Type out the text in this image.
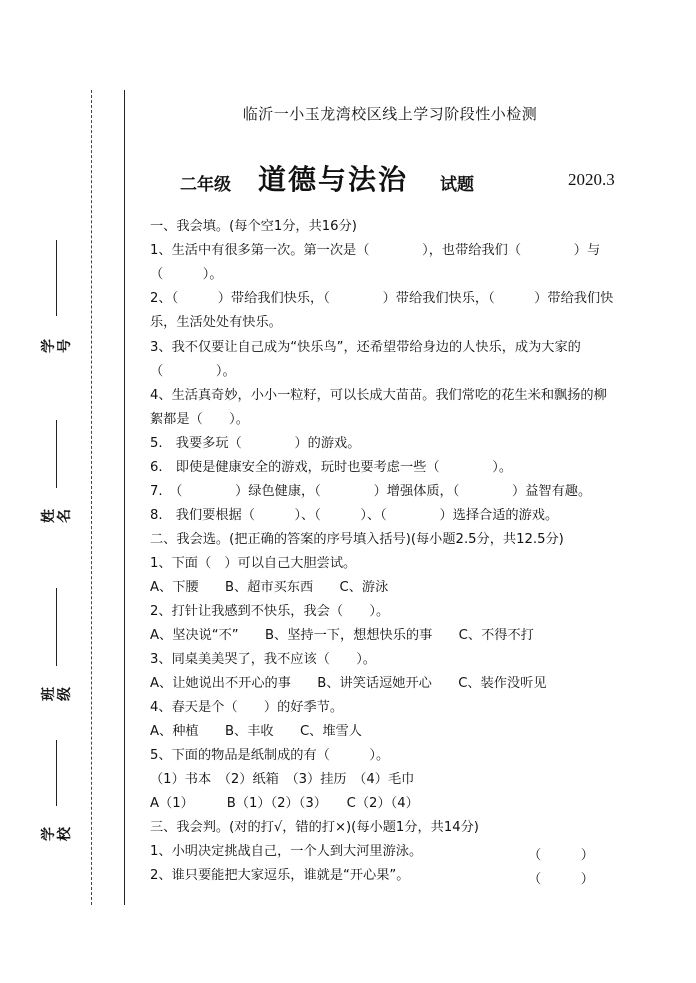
学号
姓名
班级
学校
临沂一小玉龙湾校区线上学习阶段性小检测
二年级 道德与法治 试题	2020.3
一、我会填。(每个空1分，共16分)
1、生活中有很多第一次。第一次是（　　　　），也带给我们（　　　　）与
（　　　）。
2、（　　　）带给我们快乐，（　　　　）带给我们快乐，（　　　）带给我们快
乐，生活处处有快乐。
3、我不仅要让自己成为“快乐鸟”，还希望带给身边的人快乐，成为大家的
（　　　　）。
4、生活真奇妙，小小一粒籽，可以长成大苗苗。我们常吃的花生米和飘扬的柳
絮都是（　　）。
5.　我要多玩（　　　　）的游戏。
6.　即使是健康安全的游戏，玩时也要考虑一些（　　　　）。
7.　（　　　　）绿色健康，（　　　　）增强体质，（　　　　）益智有趣。
8.　我们要根据（　　　）、（　　　）、（　　　　）选择合适的游戏。
二、我会选。(把正确的答案的序号填入括号)(每小题2.5分，共12.5分)
1、下面（　）可以自己大胆尝试。
A、下腰　　B、超市买东西　　C、游泳
2、打针让我感到不快乐，我会（　　）。
A、坚决说“不”　　B、坚持一下，想想快乐的事　　C、不得不打
3、同桌美美哭了，我不应该（　　）。
A、让她说出不开心的事　　B、讲笑话逗她开心　　C、装作没听见
4、春天是个（　　）的好季节。
A、种植　　B、丰收　　C、堆雪人
5、下面的物品是纸制成的有（　　　）。
（1）书本　（2）纸箱　（3）挂历　（4）毛巾
A（1）　　　B（1）（2）（3）　　C（2）（4）
三、我会判。(对的打√，错的打×)(每小题1分，共14分)
1、小明决定挑战自己，一个人到大河里游泳。	（　　　）
2、谁只要能把大家逗乐，谁就是“开心果”。	（　　　）
